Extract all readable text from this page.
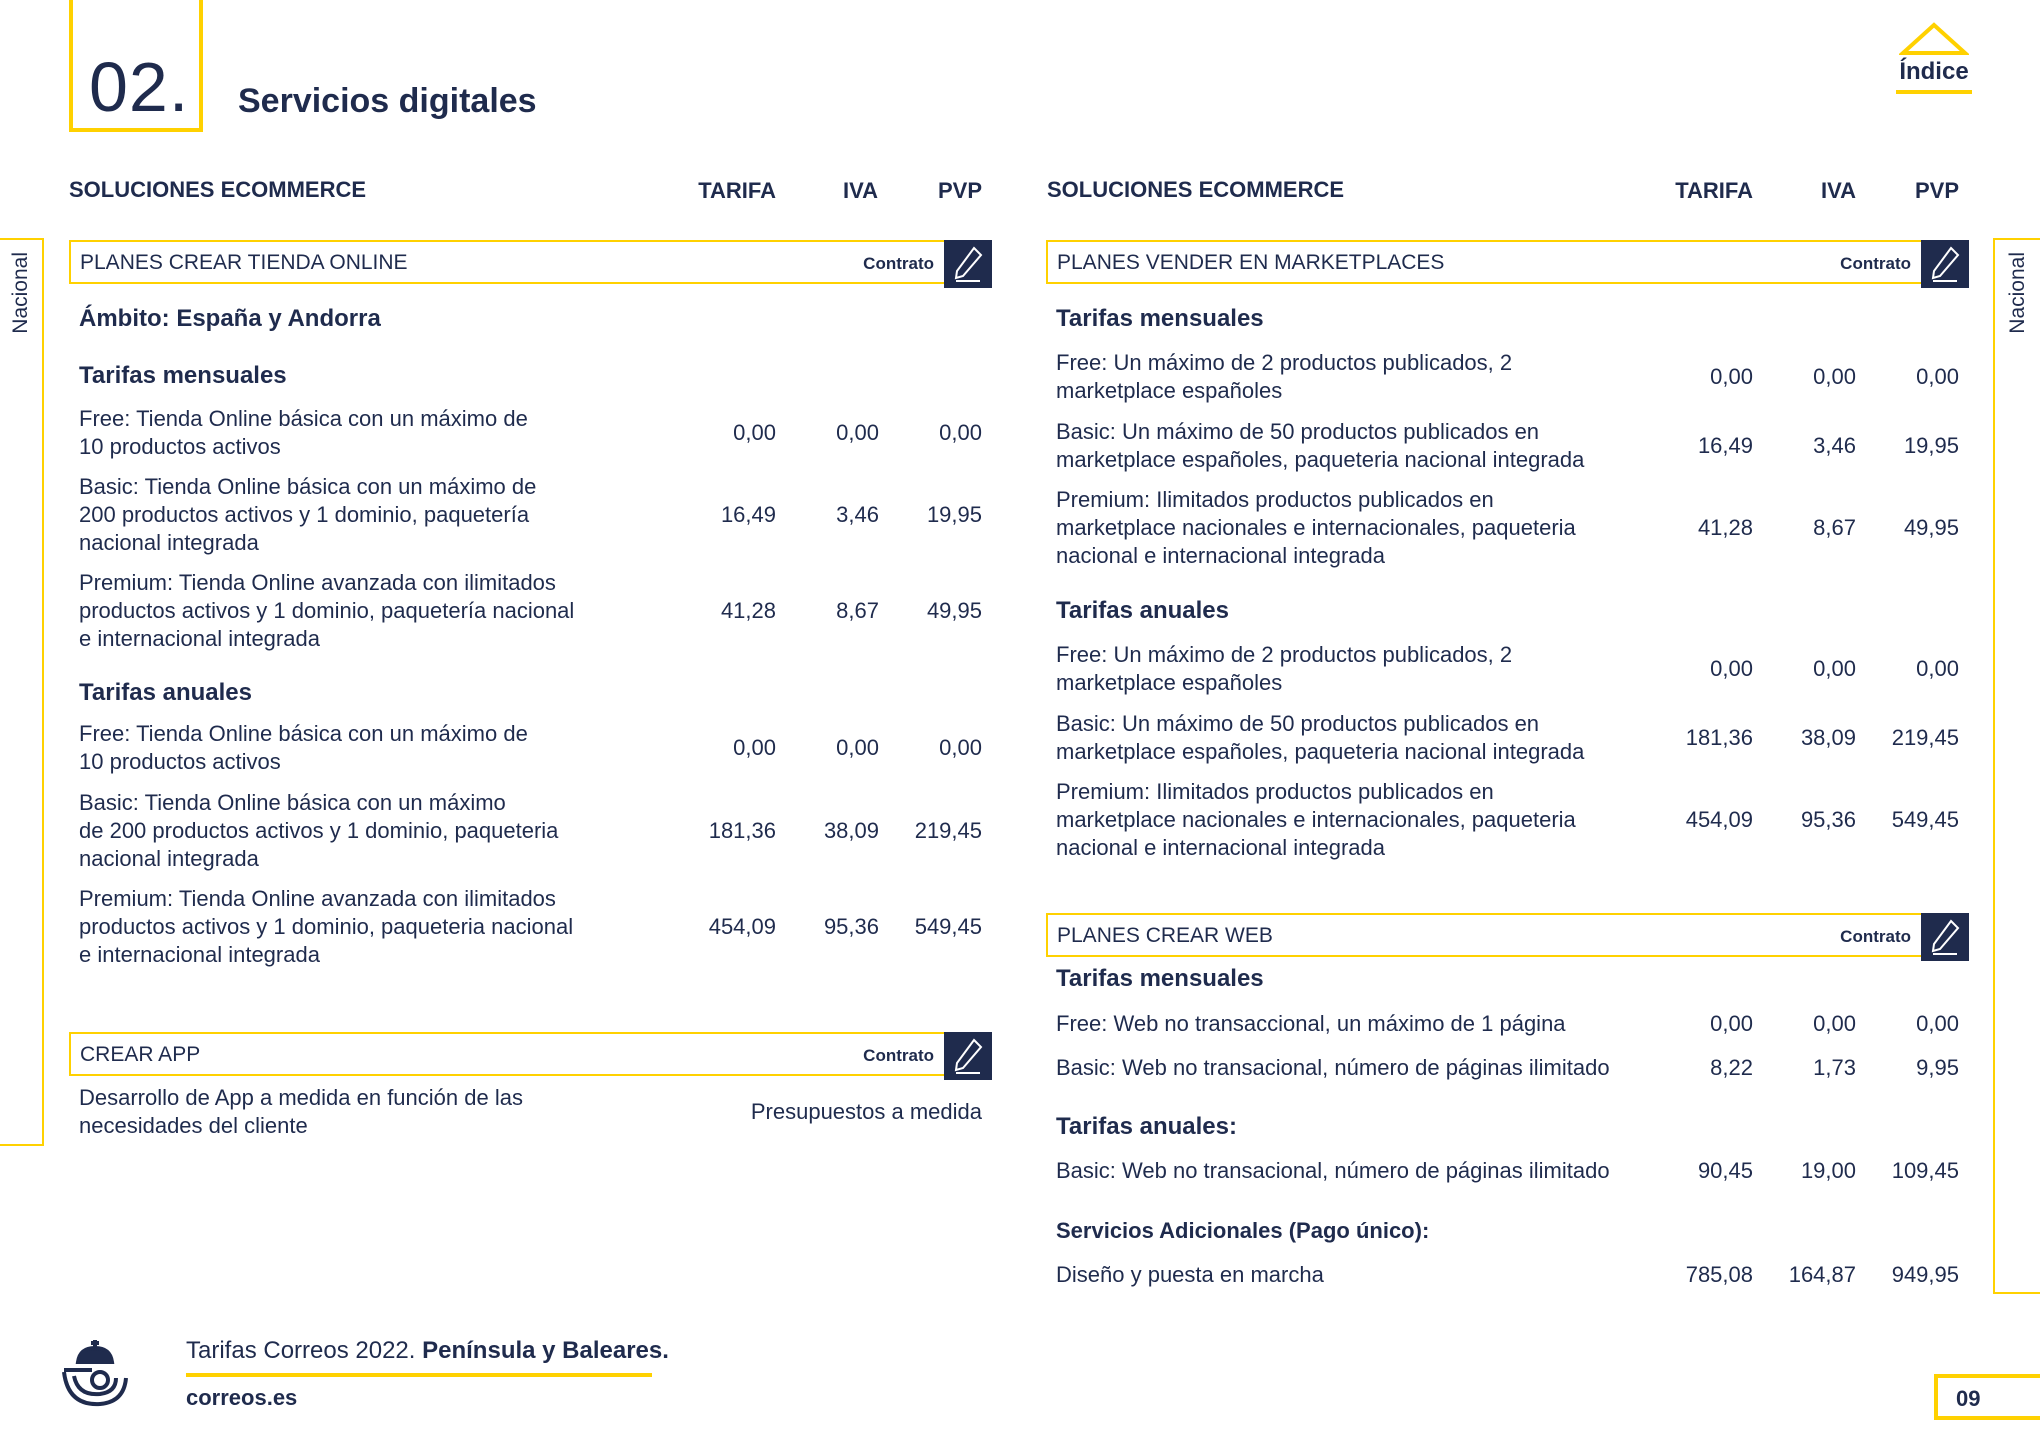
02. Servicios digitales
Índice
Nacional	Nacional
SOLUCIONES ECOMMERCE	TARIFA	IVA	PVP	SOLUCIONES ECOMMERCE	TARIFA	IVA	PVP
PLANES CREAR TIENDA ONLINE	Contrato
Ámbito: España y Andorra
Tarifas mensuales
Free: Tienda Online básica con un máximo de
10 productos activos
0,00	0,00	0,00
Basic: Tienda Online básica con un máximo de
200 productos activos y 1 dominio, paquetería
nacional integrada
16,49	3,46	19,95
Premium: Tienda Online avanzada con ilimitados
productos activos y 1 dominio, paquetería nacional
e internacional integrada
41,28	8,67	49,95
Tarifas anuales
Free: Tienda Online básica con un máximo de
10 productos activos
0,00	0,00	0,00
Basic: Tienda Online básica con un máximo
de 200 productos activos y 1 dominio, paqueteria
nacional integrada
181,36	38,09	219,45
Premium: Tienda Online avanzada con ilimitados
productos activos y 1 dominio, paqueteria nacional
e internacional integrada
454,09	95,36	549,45
CREAR APP	Contrato
Desarrollo de App a medida en función de las
necesidades del cliente
Presupuestos a medida
PLANES VENDER EN MARKETPLACES	Contrato
Tarifas mensuales
Free: Un máximo de 2 productos publicados, 2
marketplace españoles
0,00	0,00	0,00
Basic: Un máximo de 50 productos publicados en
marketplace españoles, paqueteria nacional integrada
16,49	3,46	19,95
Premium: Ilimitados productos publicados en
marketplace nacionales e internacionales, paqueteria
nacional e internacional integrada
41,28	8,67	49,95
Tarifas anuales
Free: Un máximo de 2 productos publicados, 2
marketplace españoles
0,00	0,00	0,00
Basic: Un máximo de 50 productos publicados en
marketplace españoles, paqueteria nacional integrada
181,36	38,09	219,45
Premium: Ilimitados productos publicados en
marketplace nacionales e internacionales, paqueteria
nacional e internacional integrada
454,09	95,36	549,45
PLANES CREAR WEB	Contrato
Tarifas mensuales
Free: Web no transaccional, un máximo de 1 página	0,00	0,00	0,00
Basic: Web no transacional, número de páginas ilimitado	8,22	1,73	9,95
Tarifas anuales:
Basic: Web no transacional, número de páginas ilimitado	90,45	19,00	109,45
Servicios Adicionales (Pago único):
Diseño y puesta en marcha	785,08	164,87	949,95
Tarifas Correos 2022. Península y Baleares.
correos.es	09
